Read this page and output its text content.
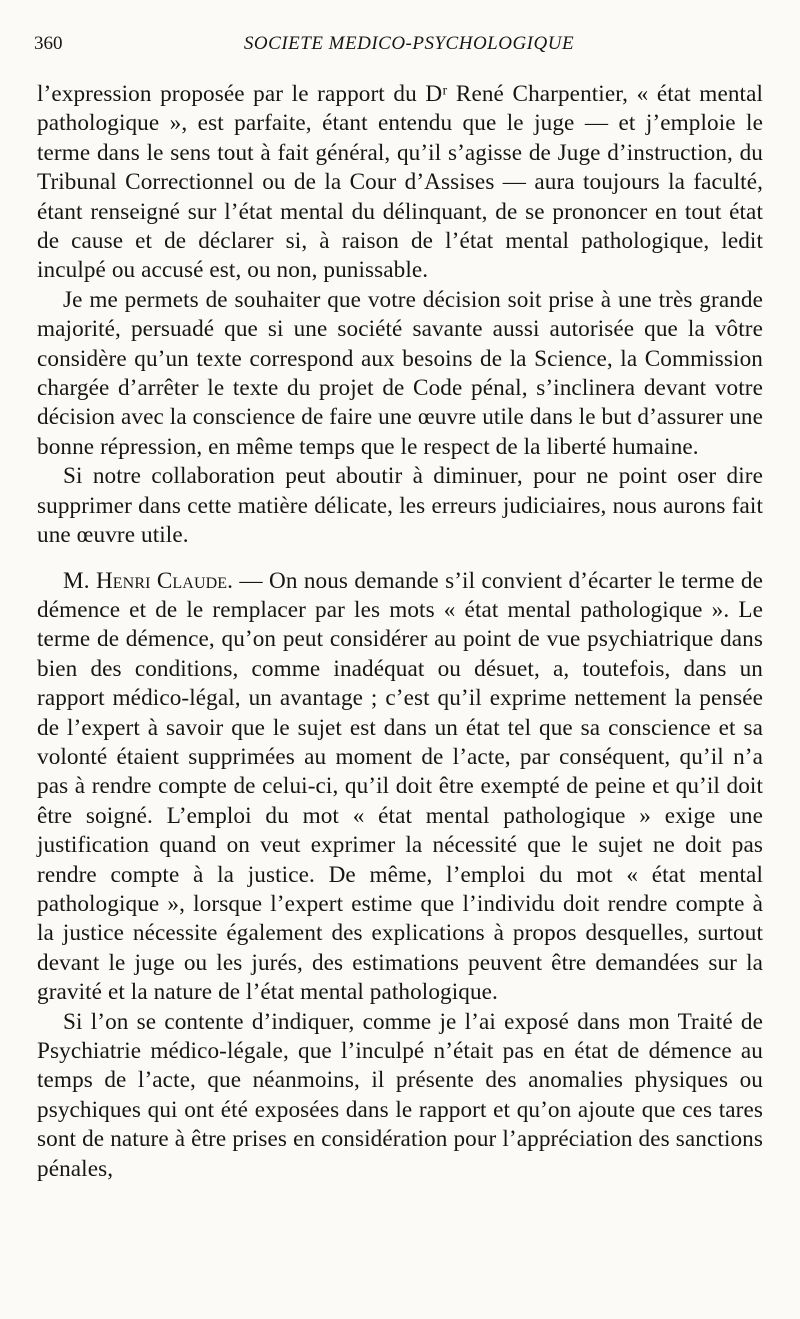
360	SOCIETE MEDICO-PSYCHOLOGIQUE

l’expression proposée par le rapport du Dʳ René Charpentier, « état mental pathologique », est parfaite, étant entendu que le juge — et j’emploie le terme dans le sens tout à fait général, qu’il s’agisse de Juge d’instruction, du Tribunal Correctionnel ou de la Cour d’Assises — aura toujours la faculté, étant renseigné sur l’état mental du délinquant, de se prononcer en tout état de cause et de déclarer si, à raison de l’état mental pathologique, ledit inculpé ou accusé est, ou non, punissable.

Je me permets de souhaiter que votre décision soit prise à une très grande majorité, persuadé que si une société savante aussi autorisée que la vôtre considère qu’un texte correspond aux besoins de la Science, la Commission chargée d’arrêter le texte du projet de Code pénal, s’inclinera devant votre décision avec la conscience de faire une œuvre utile dans le but d’assurer une bonne répression, en même temps que le respect de la liberté humaine.

Si notre collaboration peut aboutir à diminuer, pour ne point oser dire supprimer dans cette matière délicate, les erreurs judiciaires, nous aurons fait une œuvre utile.

M. Henri Claude. — On nous demande s’il convient d’écarter le terme de démence et de le remplacer par les mots « état mental pathologique ». Le terme de démence, qu’on peut considérer au point de vue psychiatrique dans bien des conditions, comme inadéquat ou désuet, a, toutefois, dans un rapport médico-légal, un avantage ; c’est qu’il exprime nettement la pensée de l’expert à savoir que le sujet est dans un état tel que sa conscience et sa volonté étaient supprimées au moment de l’acte, par conséquent, qu’il n’a pas à rendre compte de celui-ci, qu’il doit être exempté de peine et qu’il doit être soigné. L’emploi du mot « état mental pathologique » exige une justification quand on veut exprimer la nécessité que le sujet ne doit pas rendre compte à la justice. De même, l’emploi du mot « état mental pathologique », lorsque l’expert estime que l’individu doit rendre compte à la justice nécessite également des explications à propos desquelles, surtout devant le juge ou les jurés, des estimations peuvent être demandées sur la gravité et la nature de l’état mental pathologique.

Si l’on se contente d’indiquer, comme je l’ai exposé dans mon Traité de Psychiatrie médico-légale, que l’inculpé n’était pas en état de démence au temps de l’acte, que néanmoins, il présente des anomalies physiques ou psychiques qui ont été exposées dans le rapport et qu’on ajoute que ces tares sont de nature à être prises en considération pour l’appréciation des sanctions pénales,
